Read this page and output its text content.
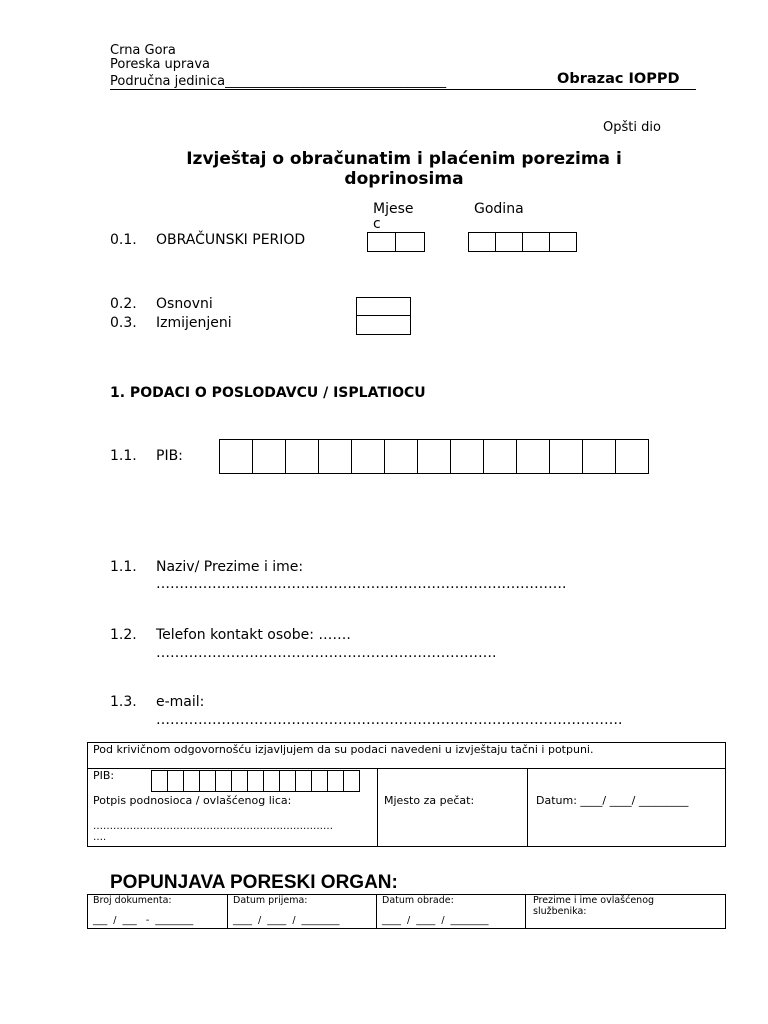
Crna Gora
Poreska uprava
Područna jedinica__________________________________	Obrazac IOPPD
Opšti dio
Izvještaj o obračunatim i plaćenim porezima i
doprinosima
Mjese
c
Godina
0.1. OBRAČUNSKI PERIOD
0.2. Osnovni
0.3. Izmijenjeni
1. PODACI O POSLODAVCU / ISPLATIOCU
1.1. PIB:
1.1. Naziv/ Prezime i ime:
…………………………………………………………………………….
1.2. Telefon kontakt osobe: …….
……………………………………………………………….
1.3. e-mail:
……………………………………………………………………………………….
Pod krivičnom odgovornošću izjavljujem da su podaci navedeni u izvještaju tačni i potpuni.

PIB:
Potpis podnosioca / ovlašćenog lica:
………………………………………………………………
….

Mjesto za pečat:	Datum: ____/ ____/ _________
POPUNJAVA PORESKI ORGAN:
Broj dokumenta:
___  /  ___   -  ________

Datum prijema:
____  /  ____  /  ________

Datum obrade:
____  /  ____  /  ________

Prezime i ime ovlašćenog
službenika:
